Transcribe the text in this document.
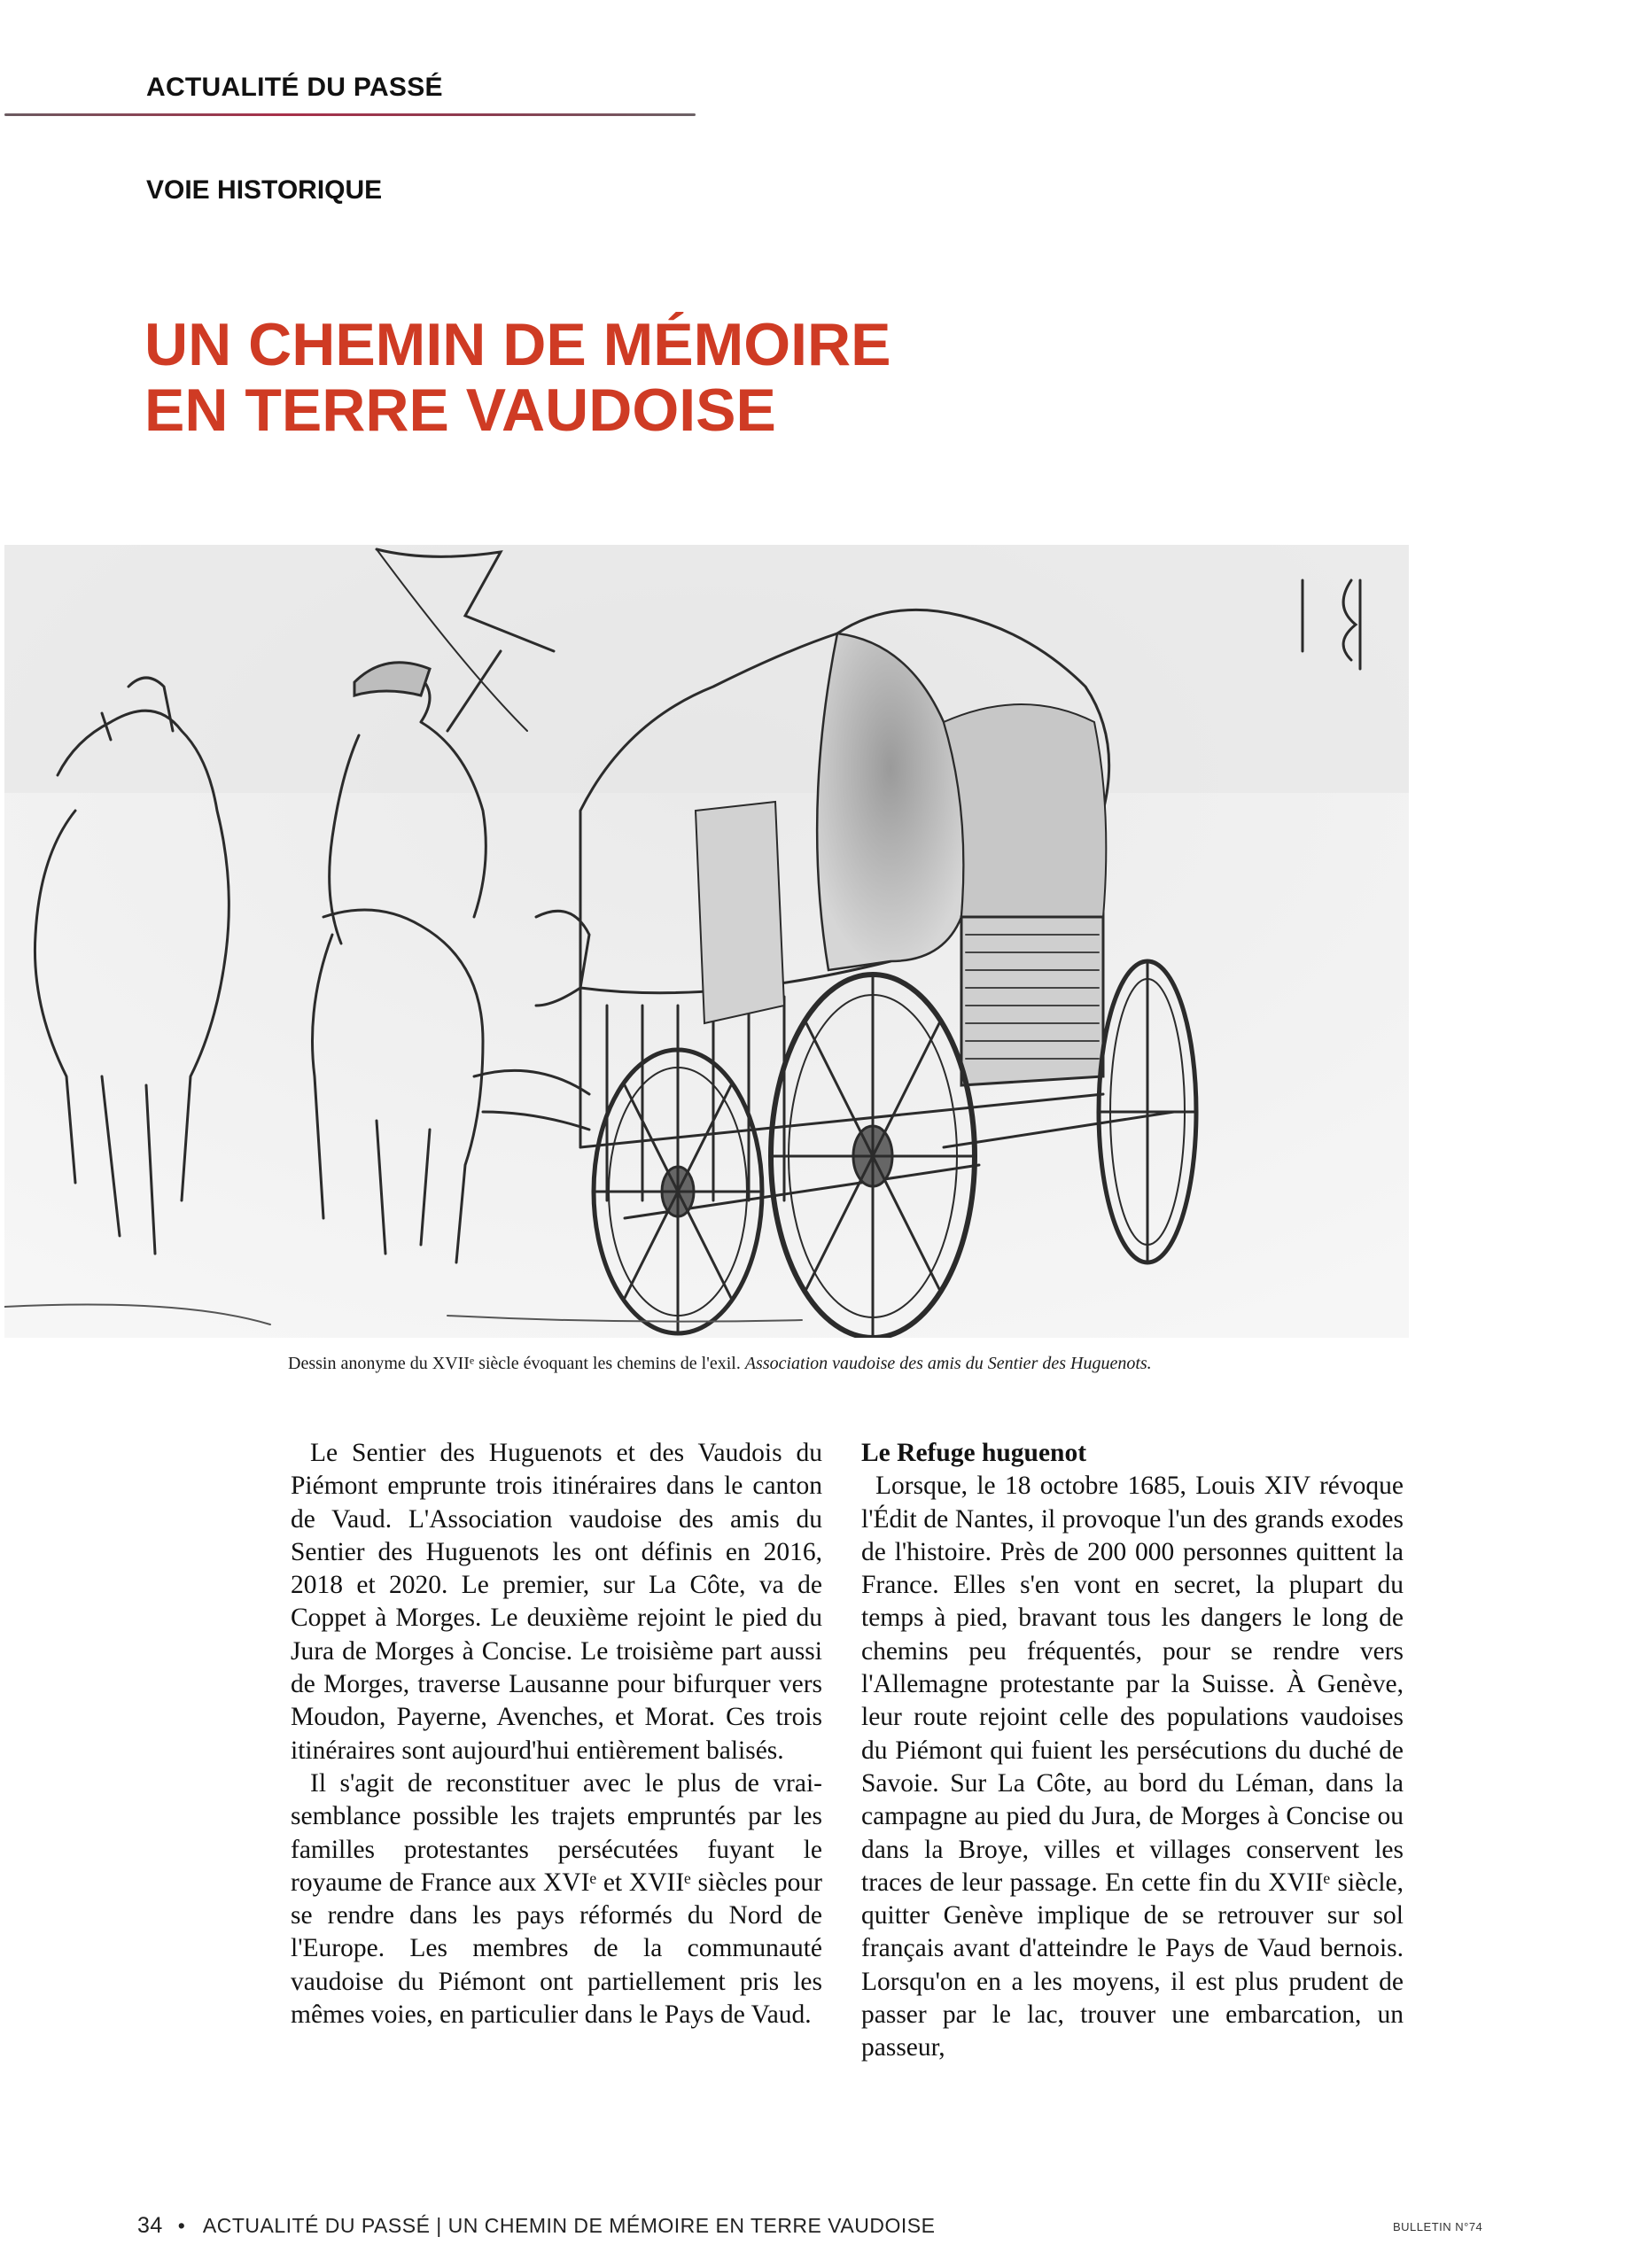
ACTUALITÉ DU PASSÉ
VOIE HISTORIQUE
UN CHEMIN DE MÉMOIRE
EN TERRE VAUDOISE
Dessin anonyme du XVIIᵉ siècle évoquant les chemins de l'exil. Association vaudoise des amis du Sentier des Huguenots.

Le Sentier des Huguenots et des Vaudois du Piémont emprunte trois itinéraires dans le canton de Vaud. L'Association vaudoise des amis du Sentier des Huguenots les ont définis en 2016, 2018 et 2020. Le premier, sur La Côte, va de Coppet à Morges. Le deuxième rejoint le pied du Jura de Morges à Concise. Le troisième part aussi de Morges, traverse Lausanne pour bifurquer vers Moudon, Payerne, Avenches, et Morat. Ces trois itinéraires sont aujourd'hui entièrement balisés.

Il s'agit de reconstituer avec le plus de vraisemblance possible les trajets empruntés par les familles protestantes persécutées fuyant le royaume de France aux XVIᵉ et XVIIᵉ siècles pour se rendre dans les pays réformés du Nord de l'Europe. Les membres de la communauté vaudoise du Piémont ont partiellement pris les mêmes voies, en particulier dans le Pays de Vaud.

Le Refuge huguenot

Lorsque, le 18 octobre 1685, Louis XIV révoque l'Édit de Nantes, il provoque l'un des grands exodes de l'histoire. Près de 200 000 personnes quittent la France. Elles s'en vont en secret, la plupart du temps à pied, bravant tous les dangers le long de chemins peu fréquentés, pour se rendre vers l'Allemagne protestante par la Suisse. À Genève, leur route rejoint celle des populations vaudoises du Piémont qui fuient les persécutions du duché de Savoie. Sur La Côte, au bord du Léman, dans la campagne au pied du Jura, de Morges à Concise ou dans la Broye, villes et villages conservent les traces de leur passage. En cette fin du XVIIᵉ siècle, quitter Genève implique de se retrouver sur sol français avant d'atteindre le Pays de Vaud bernois. Lorsqu'on en a les moyens, il est plus prudent de passer par le lac, trouver une embarcation, un passeur,

34 • ACTUALITÉ DU PASSÉ | UN CHEMIN DE MÉMOIRE EN TERRE VAUDOISE	BULLETIN N°74
